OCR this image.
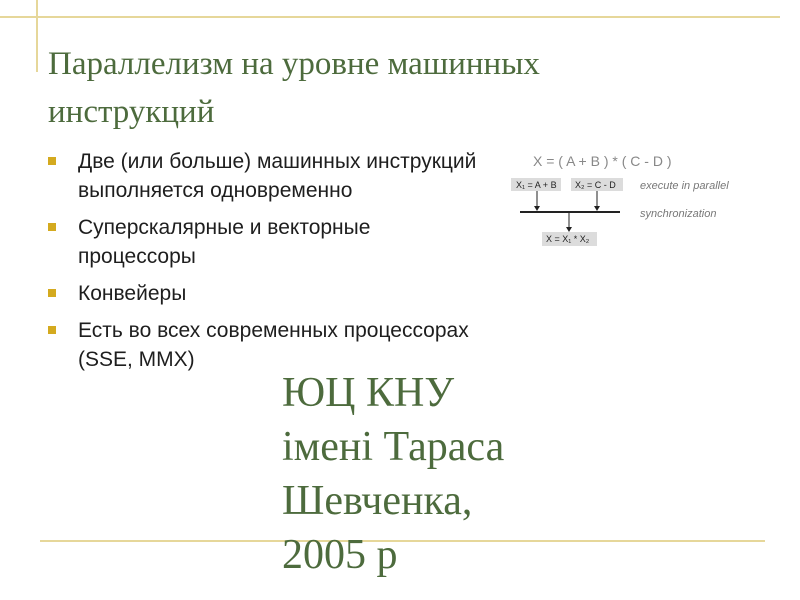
Параллелизм на уровне машинных инструкций
Две (или больше) машинных инструкций выполняется одновременно
Суперскалярные и векторные процессоры
Конвейеры
Есть во всех современных процессорах (SSE, MMX)
X = ( A + B ) * ( C - D )
X₁ = A + B X₂ = C - D
X = X₁ * X₂
execute in parallel
synchronization
ЮЦ КНУ
імені Тараса
Шевченка,
2005 р
